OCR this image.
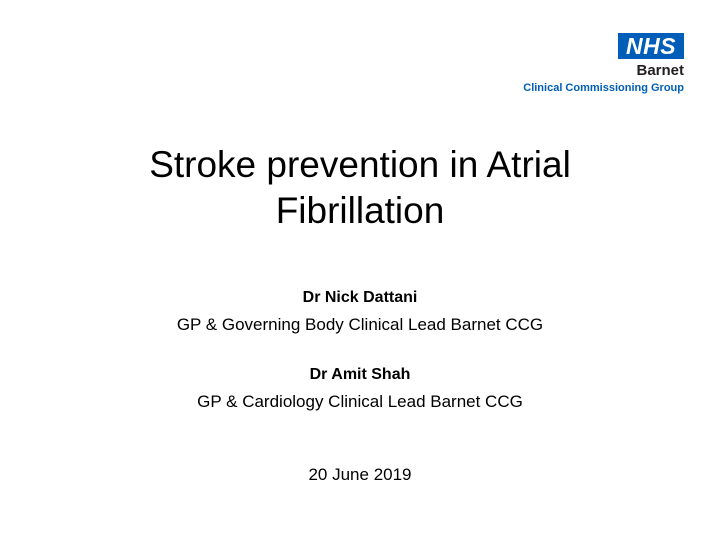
NHS
Barnet
Clinical Commissioning Group
Stroke prevention in Atrial
Fibrillation
Dr Nick Dattani
GP & Governing Body Clinical Lead Barnet CCG
Dr Amit Shah
GP & Cardiology Clinical Lead Barnet CCG
20 June 2019
